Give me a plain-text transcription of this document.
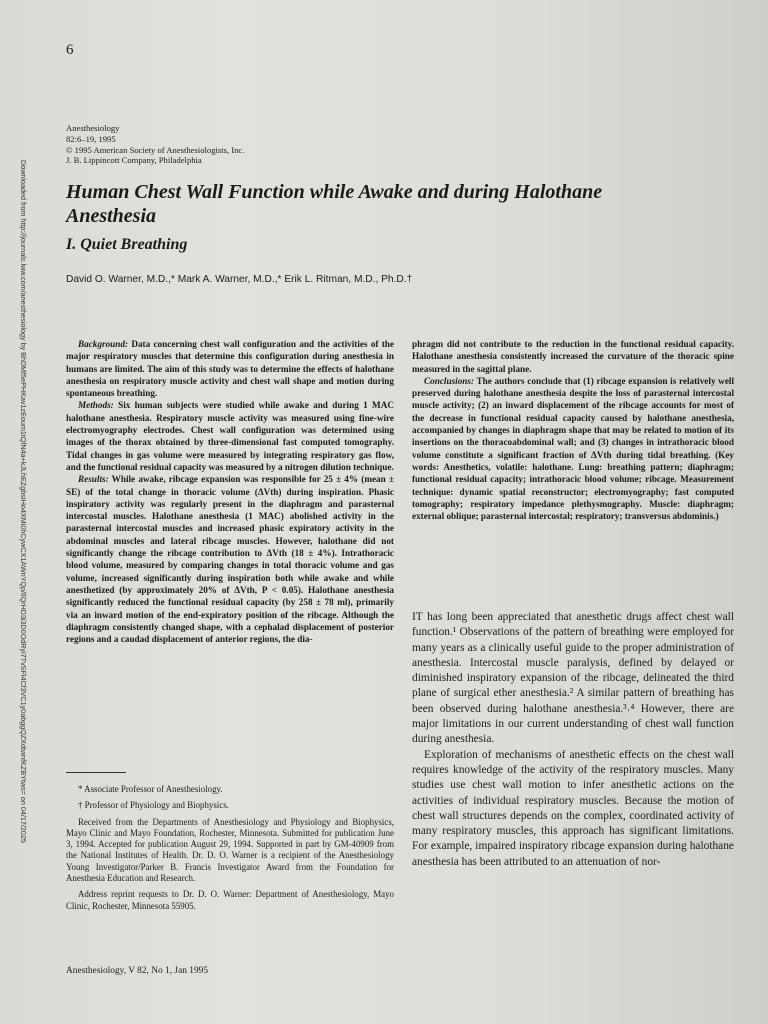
6
Anesthesiology
82:6–19, 1995
© 1995 American Society of Anesthesiologists, Inc.
J. B. Lippincott Company, Philadelphia
Downloaded from http://journals.lww.com/anesthesiology by BhDMf5ePHKav1zEoum1tQfN4a+kJLhEZgbsIHo4XMi0hCywCX1AWnYQp/IlQrHD3i3D0OdRyi7TvSFl4Cf3VC1y0abggQZXdtwnfKZBYtws= on 04/17/2025 Human Chest Wall Function while Awake and during Halothane Anesthesia
I. Quiet Breathing
David O. Warner, M.D.,* Mark A. Warner, M.D.,* Erik L. Ritman, M.D., Ph.D.†

Background: Data concerning chest wall configuration and the activities of the major respiratory muscles that determine this configuration during anesthesia in humans are limited. The aim of this study was to determine the effects of halothane anesthesia on respiratory muscle activity and chest wall shape and motion during spontaneous breathing.

Methods: Six human subjects were studied while awake and during 1 MAC halothane anesthesia. Respiratory muscle activity was measured using fine-wire electromyography electrodes. Chest wall configuration was determined using images of the thorax obtained by three-dimensional fast computed tomography. Tidal changes in gas volume were measured by integrating respiratory gas flow, and the functional residual capacity was measured by a nitrogen dilution technique.

Results: While awake, ribcage expansion was responsible for 25 ± 4% (mean ± SE) of the total change in thoracic volume (ΔVth) during inspiration. Phasic inspiratory activity was regularly present in the diaphragm and parasternal intercostal muscles. Halothane anesthesia (1 MAC) abolished activity in the parasternal intercostal muscles and increased phasic expiratory activity in the abdominal muscles and lateral ribcage muscles. However, halothane did not significantly change the ribcage contribution to ΔVth (18 ± 4%). Intrathoracic blood volume, measured by comparing changes in total thoracic volume and gas volume, increased significantly during inspiration both while awake and while anesthetized (by approximately 20% of ΔVth, P < 0.05). Halothane anesthesia significantly reduced the functional residual capacity (by 258 ± 78 ml), primarily via an inward motion of the end-expiratory position of the ribcage. Although the diaphragm consistently changed shape, with a cephalad displacement of posterior regions and a caudad displacement of anterior regions, the dia-

phragm did not contribute to the reduction in the functional residual capacity. Halothane anesthesia consistently increased the curvature of the thoracic spine measured in the sagittal plane.

Conclusions: The authors conclude that (1) ribcage expansion is relatively well preserved during halothane anesthesia despite the loss of parasternal intercostal muscle activity; (2) an inward displacement of the ribcage accounts for most of the decrease in functional residual capacity caused by halothane anesthesia, accompanied by changes in diaphragm shape that may be related to motion of its insertions on the thoracoabdominal wall; and (3) changes in intrathoracic blood volume constitute a significant fraction of ΔVth during tidal breathing. (Key words: Anesthetics, volatile: halothane. Lung: breathing pattern; diaphragm; functional residual capacity; intrathoracic blood volume; ribcage. Measurement technique: dynamic spatial reconstructor; electromyography; fast computed tomography; respiratory impedance plethysmography. Muscle: diaphragm; external oblique; parasternal intercostal; respiratory; transversus abdominis.)

* Associate Professor of Anesthesiology.

† Professor of Physiology and Biophysics.

Received from the Departments of Anesthesiology and Physiology and Biophysics, Mayo Clinic and Mayo Foundation, Rochester, Minnesota. Submitted for publication June 3, 1994. Accepted for publication August 29, 1994. Supported in part by GM-40909 from the National Institutes of Health. Dr. D. O. Warner is a recipient of the Anesthesiology Young Investigator/Parker B. Francis Investigator Award from the Foundation for Anesthesia Education and Research.

Address reprint requests to Dr. D. O. Warner: Department of Anesthesiology, Mayo Clinic, Rochester, Minnesota 55905.

IT has long been appreciated that anesthetic drugs affect chest wall function.¹ Observations of the pattern of breathing were employed for many years as a clinically useful guide to the proper administration of anesthesia. Intercostal muscle paralysis, defined by delayed or diminished inspiratory expansion of the ribcage, delineated the third plane of surgical ether anesthesia.² A similar pattern of breathing has been observed during halothane anesthesia.³˒⁴ However, there are major limitations in our current understanding of chest wall function during anesthesia.

Exploration of mechanisms of anesthetic effects on the chest wall requires knowledge of the activity of the respiratory muscles. Many studies use chest wall motion to infer anesthetic actions on the activities of individual respiratory muscles. Because the motion of chest wall structures depends on the complex, coordinated activity of many respiratory muscles, this approach has significant limitations. For example, impaired inspiratory ribcage expansion during halothane anesthesia has been attributed to an attenuation of nor-

Anesthesiology, V 82, No 1, Jan 1995
